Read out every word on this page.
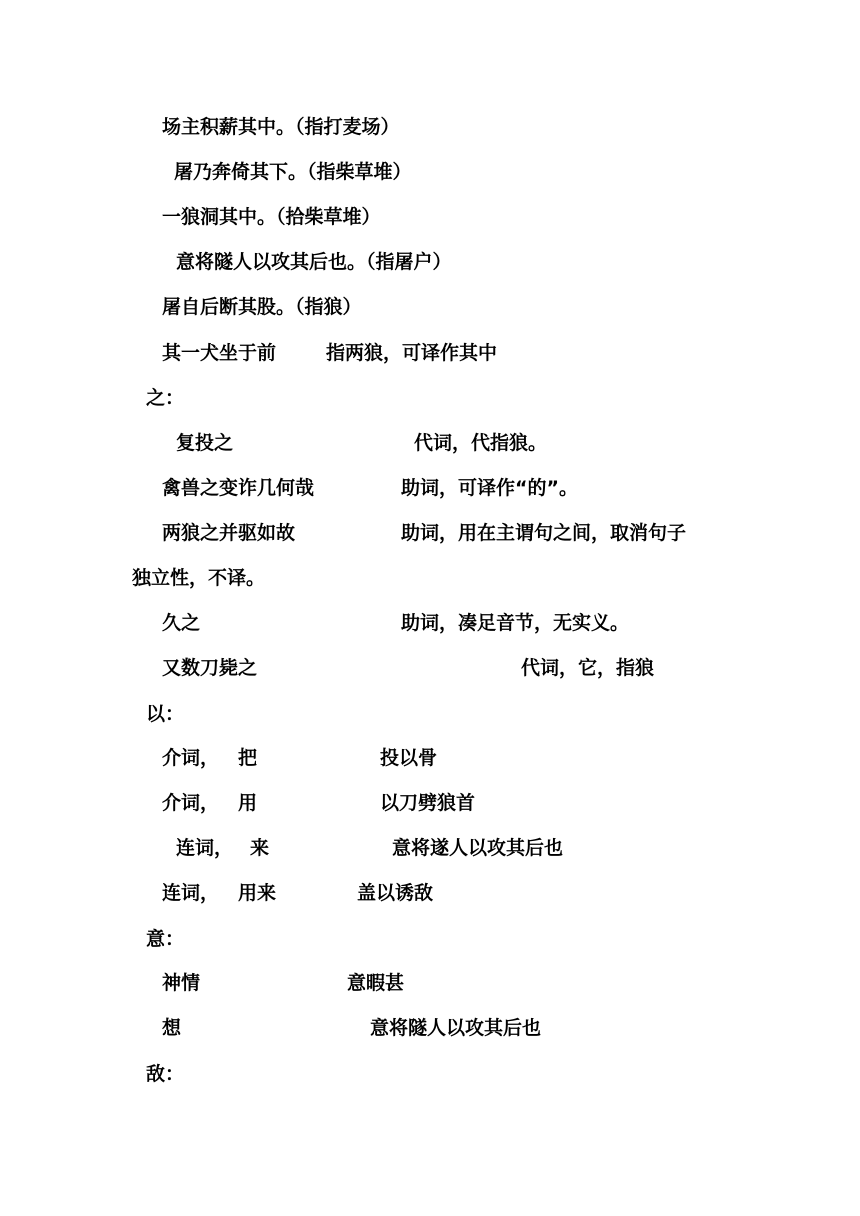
场主积薪其中。（指打麦场）
屠乃奔倚其下。（指柴草堆）
一狼洞其中。（拾柴草堆）
意将隧人以攻其后也。（指屠户）
屠自后断其股。（指狼）
其一犬坐于前	指两狼，可译作其中
之：
复投之	代词，代指狼。
禽兽之变诈几何哉	助词，可译作“的”。
两狼之并驱如故	助词，用在主谓句之间，取消句子
独立性，不译。
久之	助词，凑足音节，无实义。
又数刀毙之	代词，它，指狼
以：
介词， 把	投以骨
介词， 用	以刀劈狼首
连词， 来	意将遂人以攻其后也
连词， 用来	盖以诱敌
意：
神情	意暇甚
想	意将隧人以攻其后也
敌：
